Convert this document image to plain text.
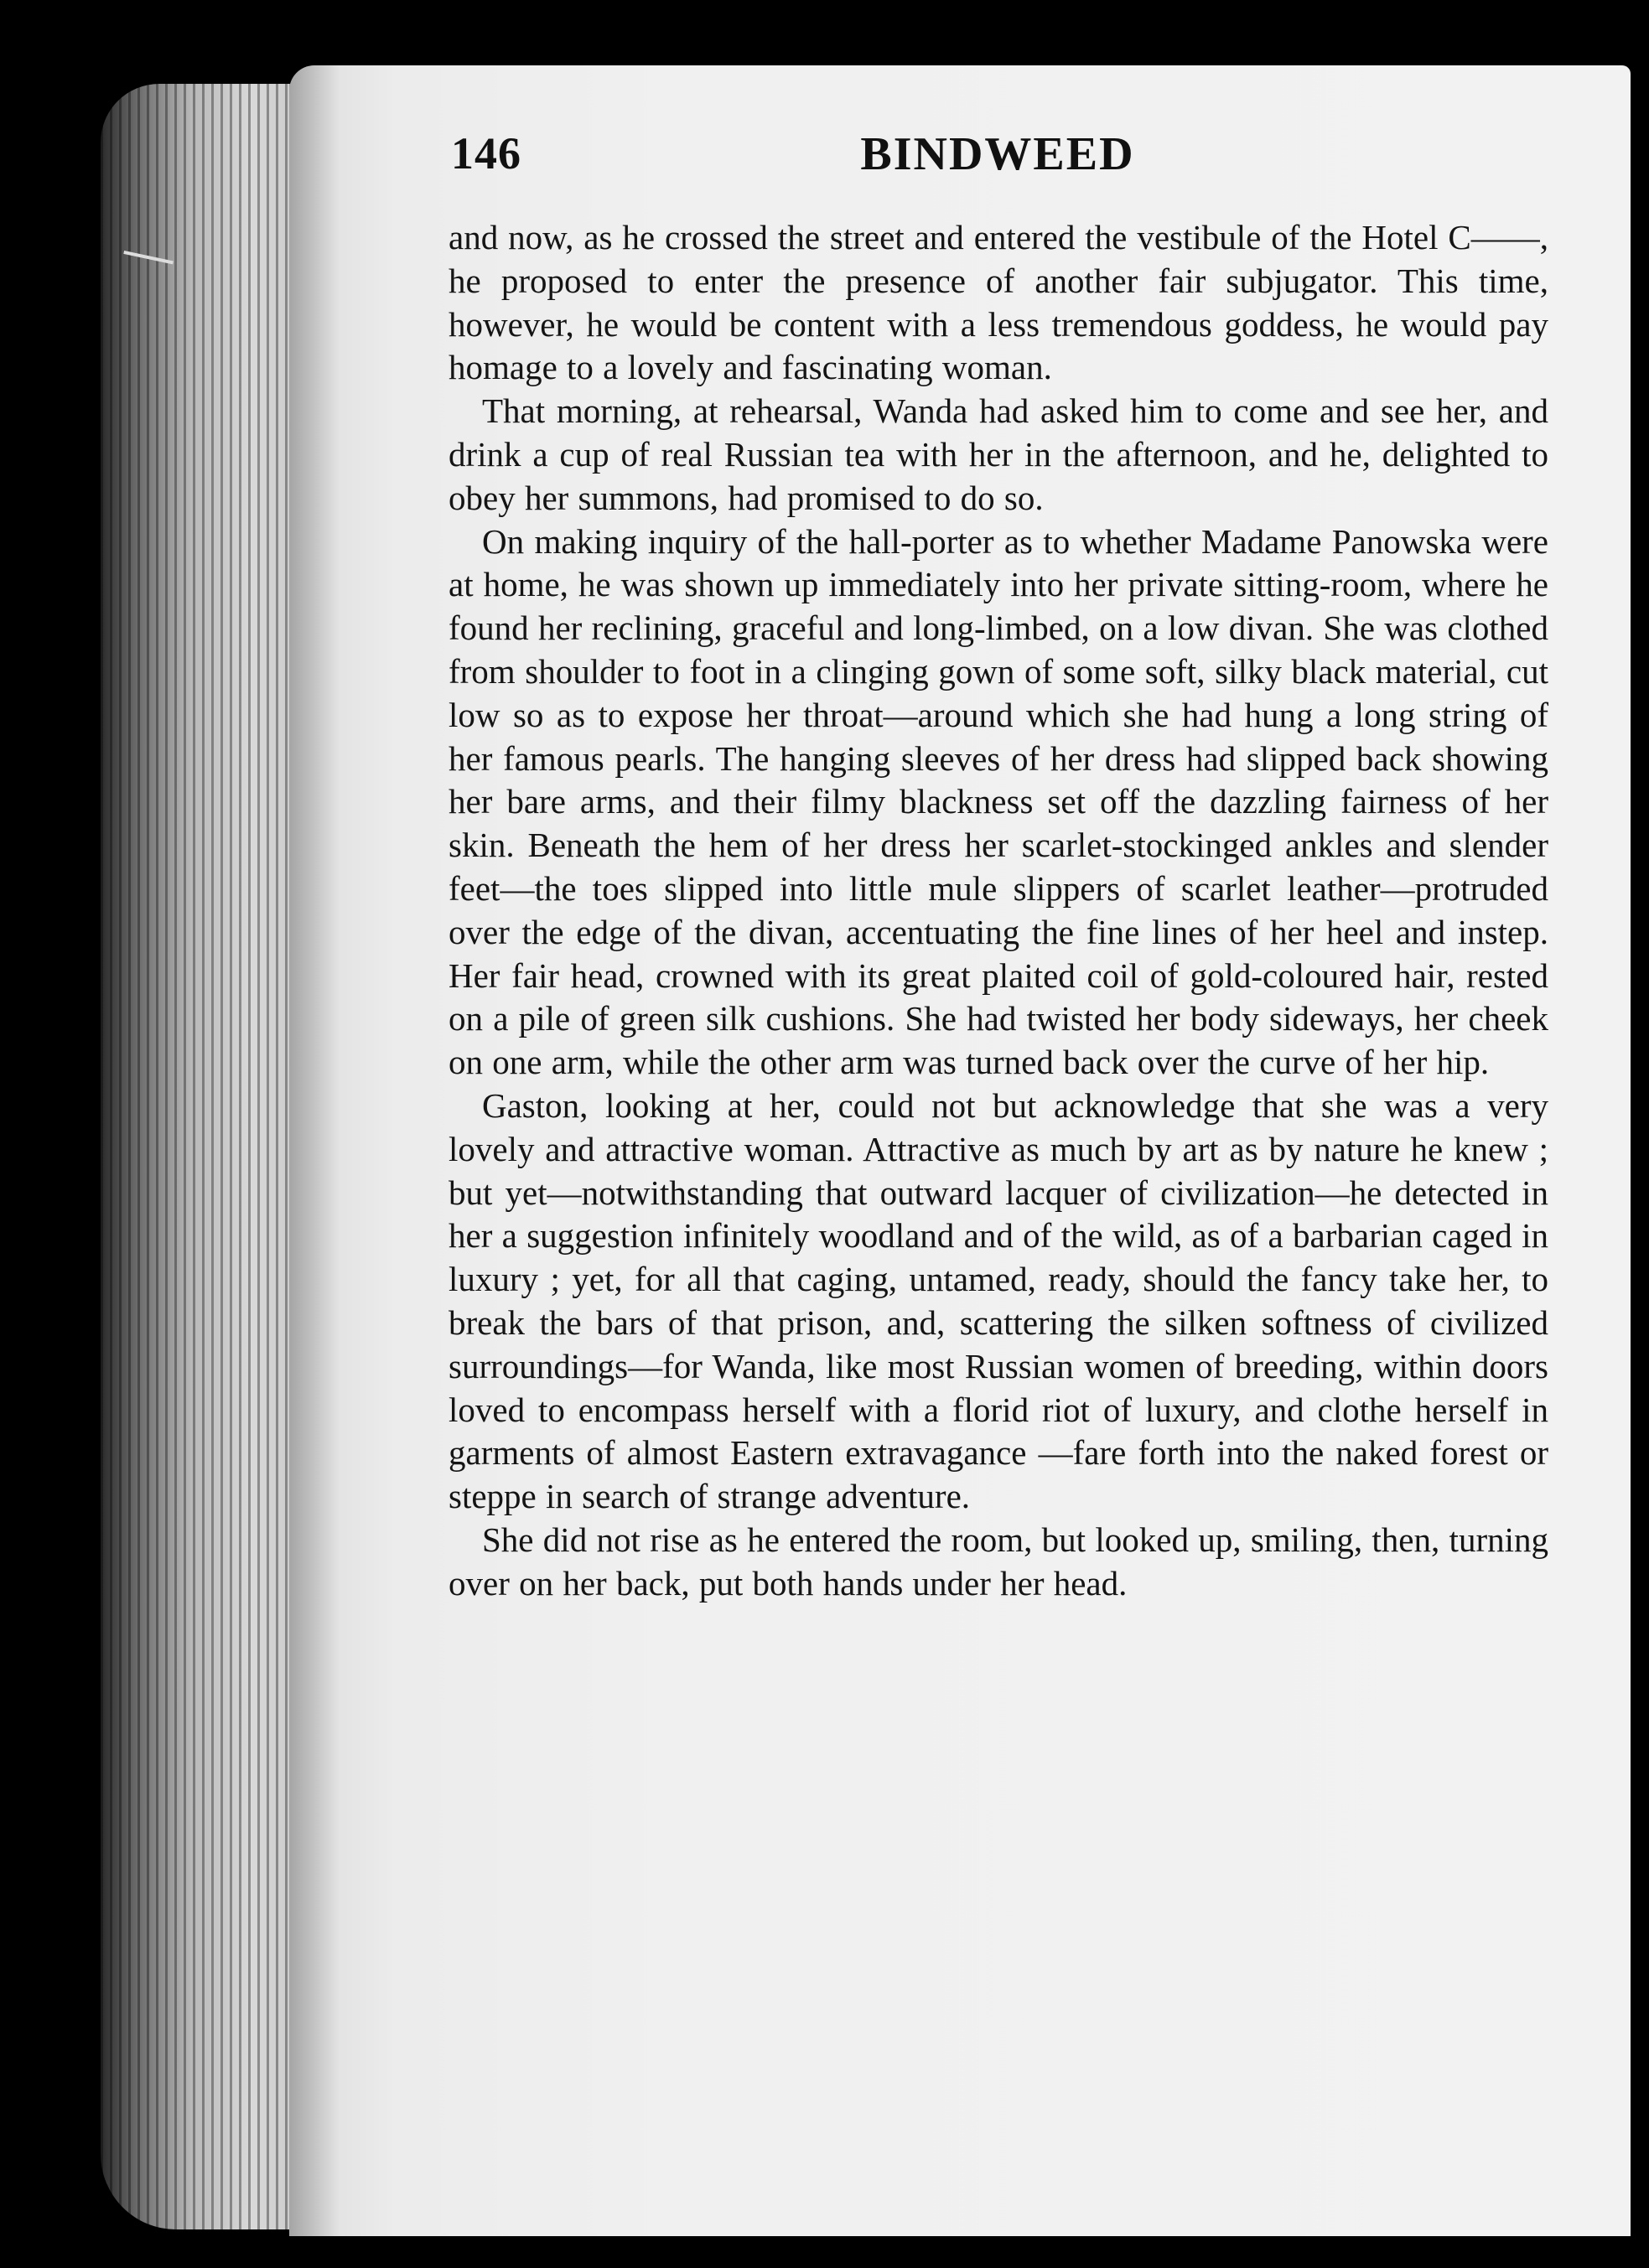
146	BINDWEED

and now, as he crossed the street and entered the vestibule of the Hotel C——, he proposed to enter the presence of another fair subjugator. This time, however, he would be content with a less tremendous goddess, he would pay homage to a lovely and fascinating woman.

That morning, at rehearsal, Wanda had asked him to come and see her, and drink a cup of real Russian tea with her in the afternoon, and he, delighted to obey her summons, had promised to do so.

On making inquiry of the hall-porter as to whether Madame Panowska were at home, he was shown up immediately into her private sitting-room, where he found her reclining, graceful and long-limbed, on a low divan. She was clothed from shoulder to foot in a clinging gown of some soft, silky black material, cut low so as to expose her throat—around which she had hung a long string of her famous pearls. The hanging sleeves of her dress had slipped back showing her bare arms, and their filmy blackness set off the dazzling fairness of her skin. Beneath the hem of her dress her scarlet-stockinged ankles and slender feet—the toes slipped into little mule slippers of scarlet leather—protruded over the edge of the divan, accentuating the fine lines of her heel and instep. Her fair head, crowned with its great plaited coil of gold-coloured hair, rested on a pile of green silk cushions. She had twisted her body sideways, her cheek on one arm, while the other arm was turned back over the curve of her hip.

Gaston, looking at her, could not but acknowledge that she was a very lovely and attractive woman. Attractive as much by art as by nature he knew ; but yet—notwithstanding that outward lacquer of civilization—he detected in her a suggestion infinitely woodland and of the wild, as of a barbarian caged in luxury ; yet, for all that caging, untamed, ready, should the fancy take her, to break the bars of that prison, and, scattering the silken softness of civilized surroundings—for Wanda, like most Russian women of breeding, within doors loved to encompass herself with a florid riot of luxury, and clothe herself in garments of almost Eastern extravagance —fare forth into the naked forest or steppe in search of strange adventure.

She did not rise as he entered the room, but looked up, smiling, then, turning over on her back, put both hands under her head.
